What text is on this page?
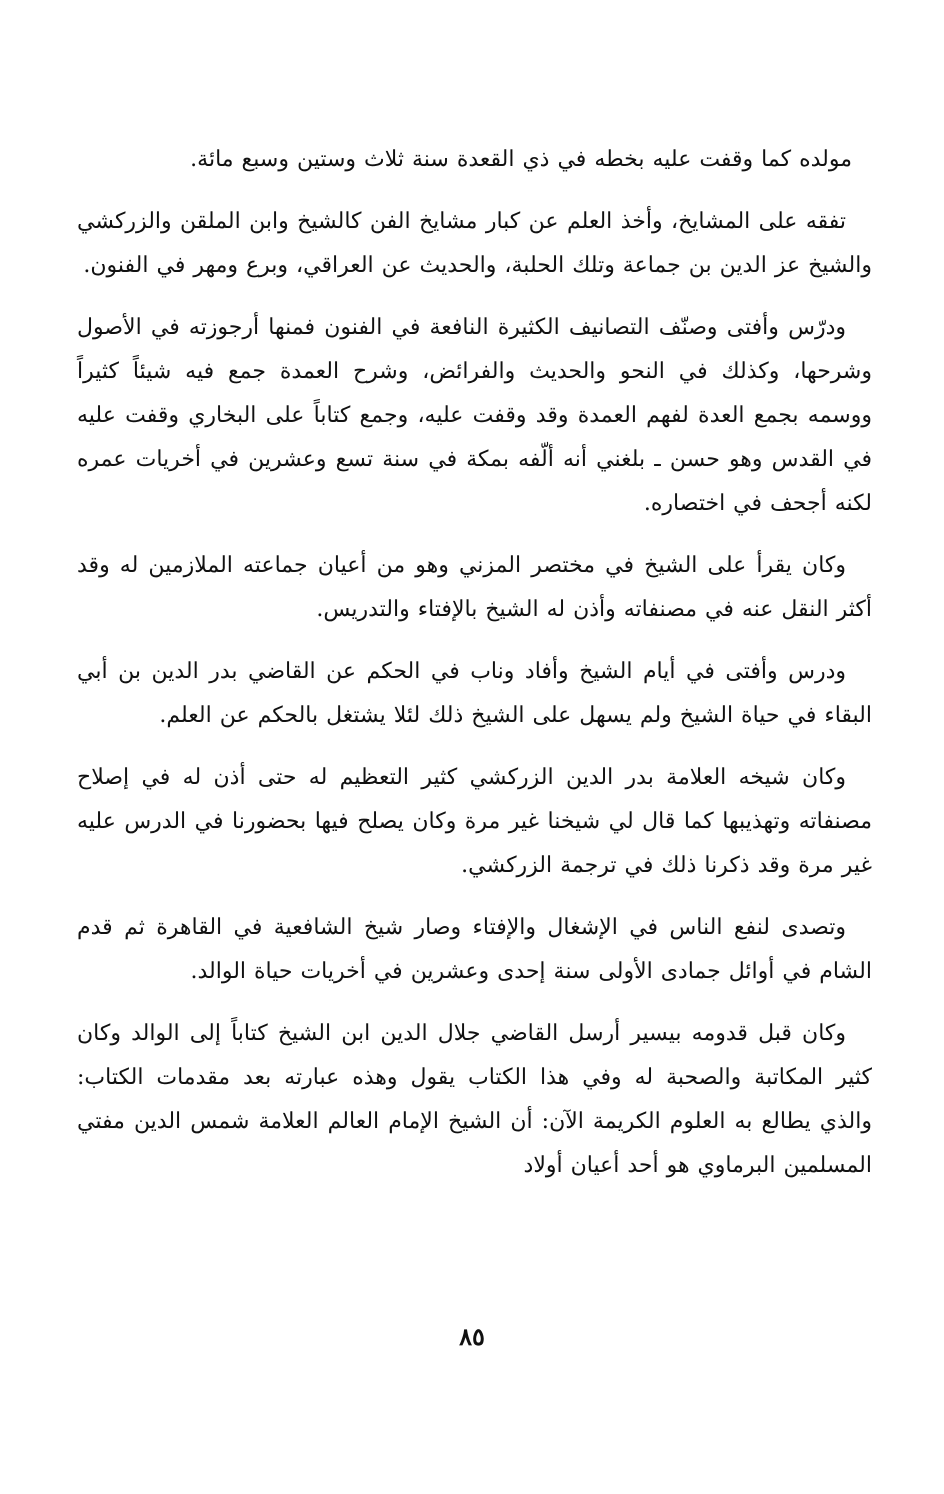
مولده كما وقفت عليه بخطه في ذي القعدة سنة ثلاث وستين وسبع مائة.

تفقه على المشايخ، وأخذ العلم عن كبار مشايخ الفن كالشيخ وابن الملقن والزركشي والشيخ عز الدين بن جماعة وتلك الحلبة، والحديث عن العراقي، وبرع ومهر في الفنون.

ودرّس وأفتى وصنّف التصانيف الكثيرة النافعة في الفنون فمنها أرجوزته في الأصول وشرحها، وكذلك في النحو والحديث والفرائض، وشرح العمدة جمع فيه شيئاً كثيراً ووسمه بجمع العدة لفهم العمدة وقد وقفت عليه، وجمع كتاباً على البخاري وقفت عليه في القدس وهو حسن ـ بلغني أنه ألّفه بمكة في سنة تسع وعشرين في أخريات عمره لكنه أجحف في اختصاره.

وكان يقرأ على الشيخ في مختصر المزني وهو من أعيان جماعته الملازمين له وقد أكثر النقل عنه في مصنفاته وأذن له الشيخ بالإفتاء والتدريس.

ودرس وأفتى في أيام الشيخ وأفاد وناب في الحكم عن القاضي بدر الدين بن أبي البقاء في حياة الشيخ ولم يسهل على الشيخ ذلك لئلا يشتغل بالحكم عن العلم.

وكان شيخه العلامة بدر الدين الزركشي كثير التعظيم له حتى أذن له في إصلاح مصنفاته وتهذيبها كما قال لي شيخنا غير مرة وكان يصلح فيها بحضورنا في الدرس عليه غير مرة وقد ذكرنا ذلك في ترجمة الزركشي.

وتصدى لنفع الناس في الإشغال والإفتاء وصار شيخ الشافعية في القاهرة ثم قدم الشام في أوائل جمادى الأولى سنة إحدى وعشرين في أخريات حياة الوالد.

وكان قبل قدومه بيسير أرسل القاضي جلال الدين ابن الشيخ كتاباً إلى الوالد وكان كثير المكاتبة والصحبة له وفي هذا الكتاب يقول وهذه عبارته بعد مقدمات الكتاب: والذي يطالع به العلوم الكريمة الآن: أن الشيخ الإمام العالم العلامة شمس الدين مفتي المسلمين البرماوي هو أحد أعيان أولاد

٨٥
